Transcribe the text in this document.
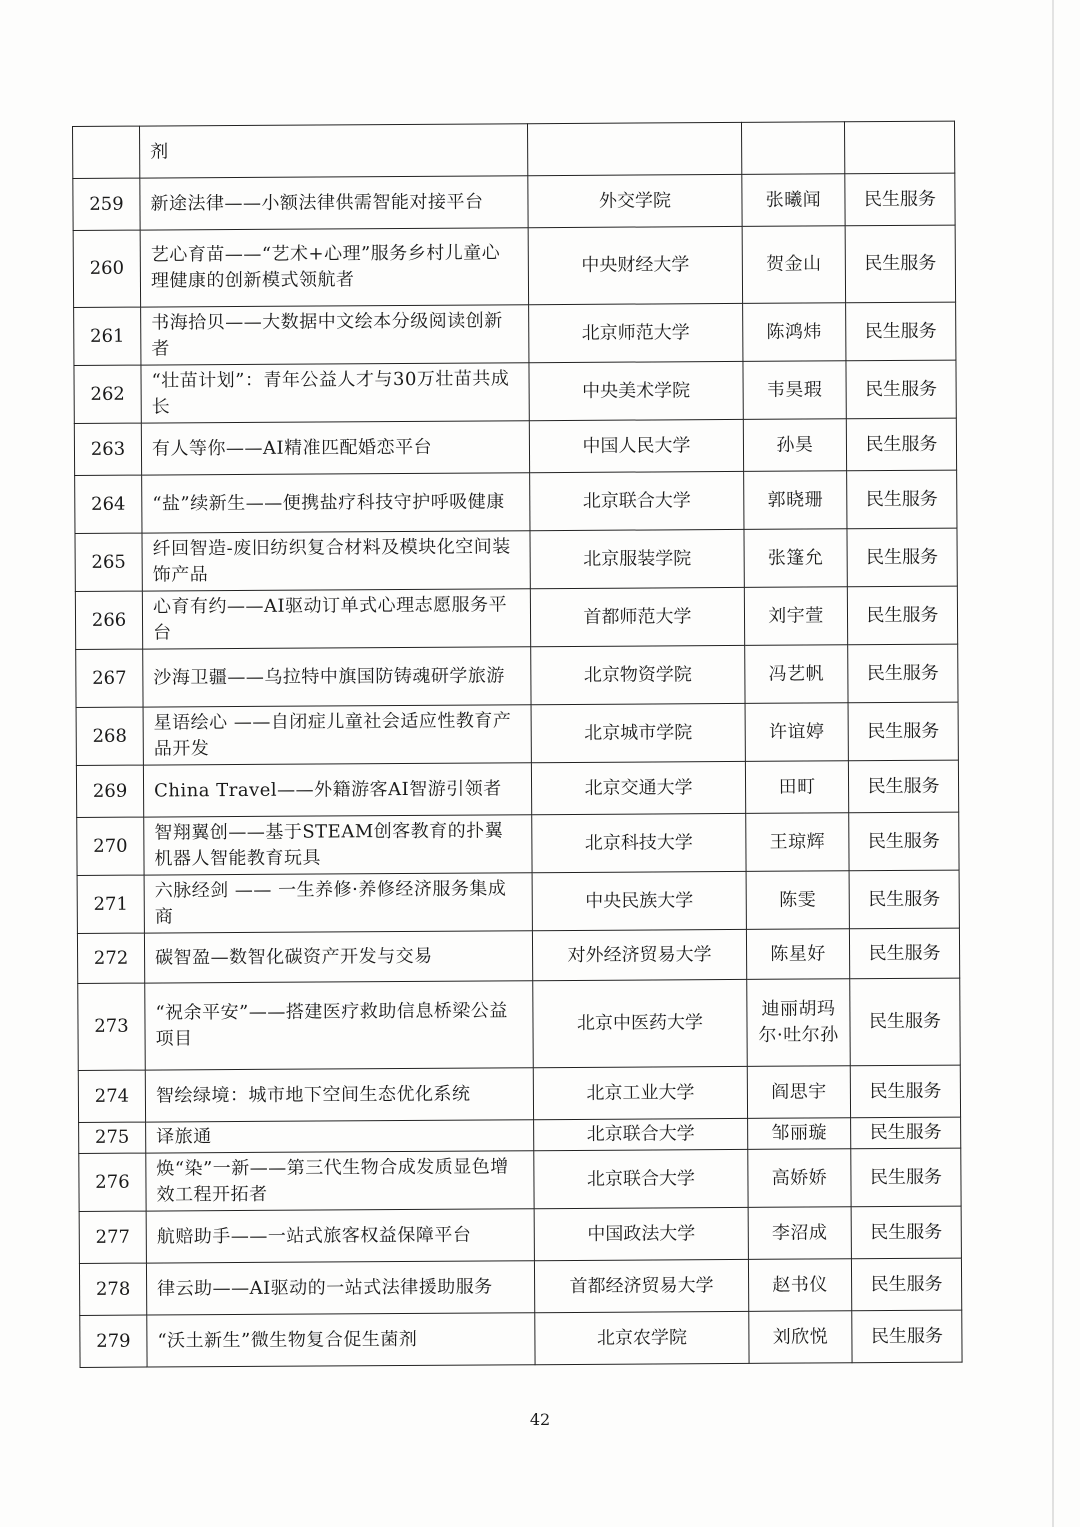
	剂			
259	新途法律——小额法律供需智能对接平台	外交学院	张曦闻	民生服务
260	艺心育苗——“艺术+心理”服务乡村儿童心理健康的创新模式领航者	中央财经大学	贺金山	民生服务
261	书海拾贝——大数据中文绘本分级阅读创新者	北京师范大学	陈鸿炜	民生服务
262	“壮苗计划”：青年公益人才与30万壮苗共成长	中央美术学院	韦昊瑕	民生服务
263	有人等你——AI精准匹配婚恋平台	中国人民大学	孙昊	民生服务
264	“盐”续新生——便携盐疗科技守护呼吸健康	北京联合大学	郭晓珊	民生服务
265	纤回智造-废旧纺织复合材料及模块化空间装饰产品	北京服装学院	张篷允	民生服务
266	心育有约——AI驱动订单式心理志愿服务平台	首都师范大学	刘宇萱	民生服务
267	沙海卫疆——乌拉特中旗国防铸魂研学旅游	北京物资学院	冯艺帆	民生服务
268	星语绘心 ——自闭症儿童社会适应性教育产品开发	北京城市学院	许谊婷	民生服务
269	China Travel——外籍游客AI智游引领者	北京交通大学	田町	民生服务
270	智翔翼创——基于STEAM创客教育的扑翼机器人智能教育玩具	北京科技大学	王琼辉	民生服务
271	六脉经剑 —— 一生养修·养修经济服务集成商	中央民族大学	陈雯	民生服务
272	碳智盈—数智化碳资产开发与交易	对外经济贸易大学	陈星好	民生服务
273	“祝余平安”——搭建医疗救助信息桥梁公益项目	北京中医药大学	迪丽胡玛尔·吐尔孙	民生服务
274	智绘绿境：城市地下空间生态优化系统	北京工业大学	阎思宇	民生服务
275	译旅通	北京联合大学	邹丽璇	民生服务
276	焕“染”一新——第三代生物合成发质显色增效工程开拓者	北京联合大学	高娇娇	民生服务
277	航赔助手——一站式旅客权益保障平台	中国政法大学	李沼成	民生服务
278	律云助——AI驱动的一站式法律援助服务	首都经济贸易大学	赵书仪	民生服务
279	“沃土新生”微生物复合促生菌剂	北京农学院	刘欣悦	民生服务
42
